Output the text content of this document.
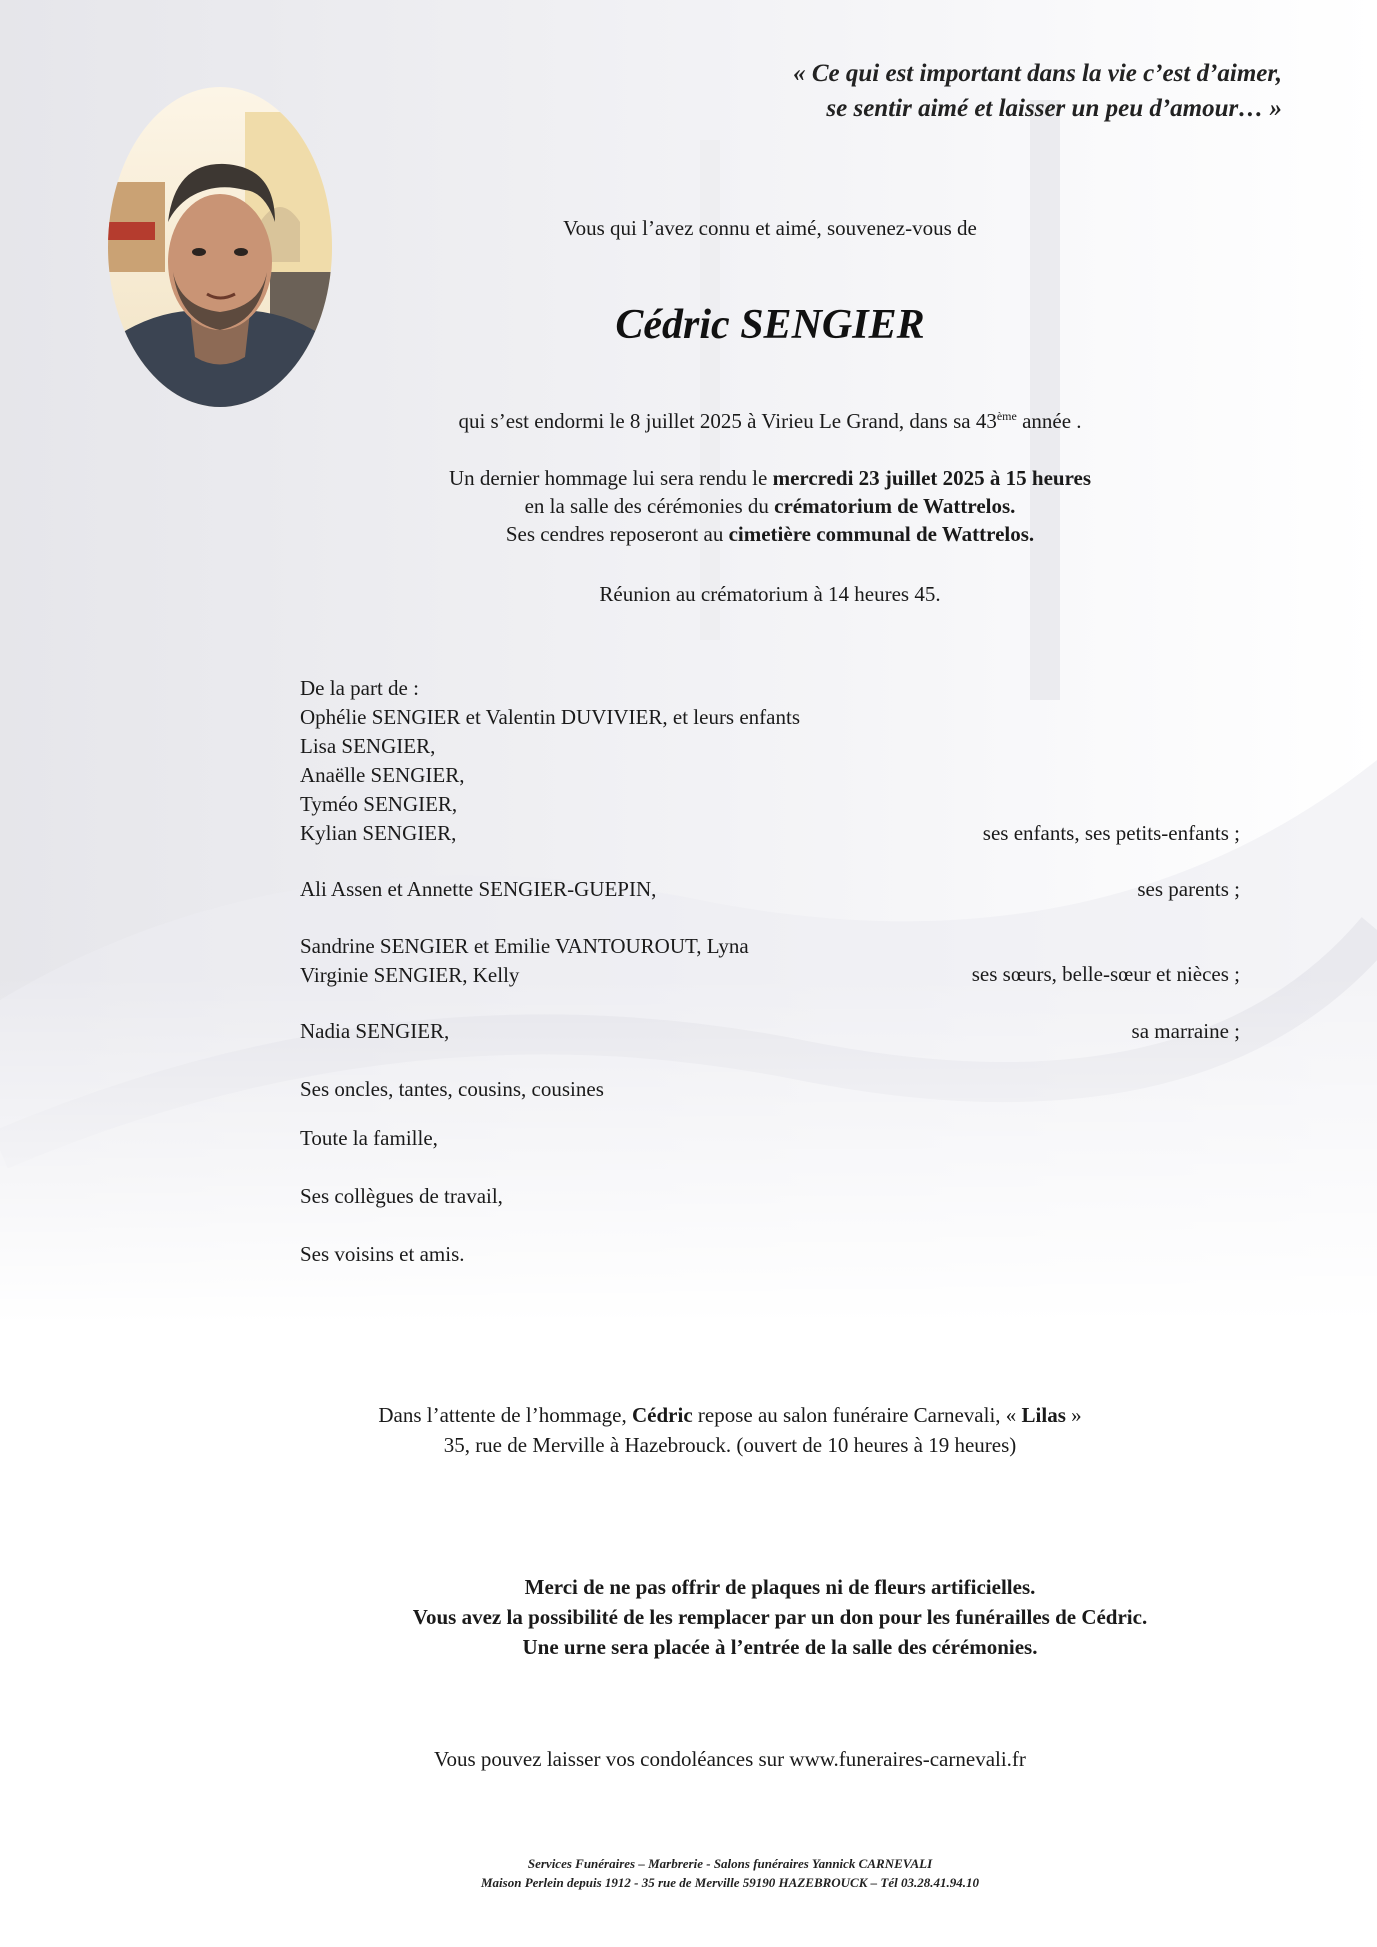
« Ce qui est important dans la vie c’est d’aimer,
se sentir aimé et laisser un peu d’amour… »
Vous qui l’avez connu et aimé, souvenez-vous de
Cédric SENGIER
qui s’est endormi le 8 juillet 2025 à Virieu Le Grand, dans sa 43ème année .
Un dernier hommage lui sera rendu le mercredi 23 juillet 2025 à 15 heures
en la salle des cérémonies du crématorium de Wattrelos.
Ses cendres reposeront au cimetière communal de Wattrelos.
Réunion au crématorium à 14 heures 45.
De la part de :
Ophélie SENGIER et Valentin DUVIVIER, et leurs enfants
Lisa SENGIER,
Anaëlle SENGIER,
Tyméo SENGIER,
Kylian SENGIER,	ses enfants, ses petits-enfants ;
Ali Assen et Annette SENGIER-GUEPIN,	ses parents ;
Sandrine SENGIER et Emilie VANTOUROUT, Lyna
Virginie SENGIER, Kelly	ses sœurs, belle-sœur et nièces ;
Nadia SENGIER,	sa marraine ;
Ses oncles, tantes, cousins, cousines
Toute la famille,
Ses collègues de travail,
Ses voisins et amis.
Dans l’attente de l’hommage, Cédric repose au salon funéraire Carnevali, « Lilas »
35, rue de Merville à Hazebrouck. (ouvert de 10 heures à 19 heures)
Merci de ne pas offrir de plaques ni de fleurs artificielles.
Vous avez la possibilité de les remplacer par un don pour les funérailles de Cédric.
Une urne sera placée à l’entrée de la salle des cérémonies.
Vous pouvez laisser vos condoléances sur www.funeraires-carnevali.fr
Services Funéraires – Marbrerie - Salons funéraires Yannick CARNEVALI
Maison Perlein depuis 1912 - 35 rue de Merville 59190 HAZEBROUCK – Tél 03.28.41.94.10
